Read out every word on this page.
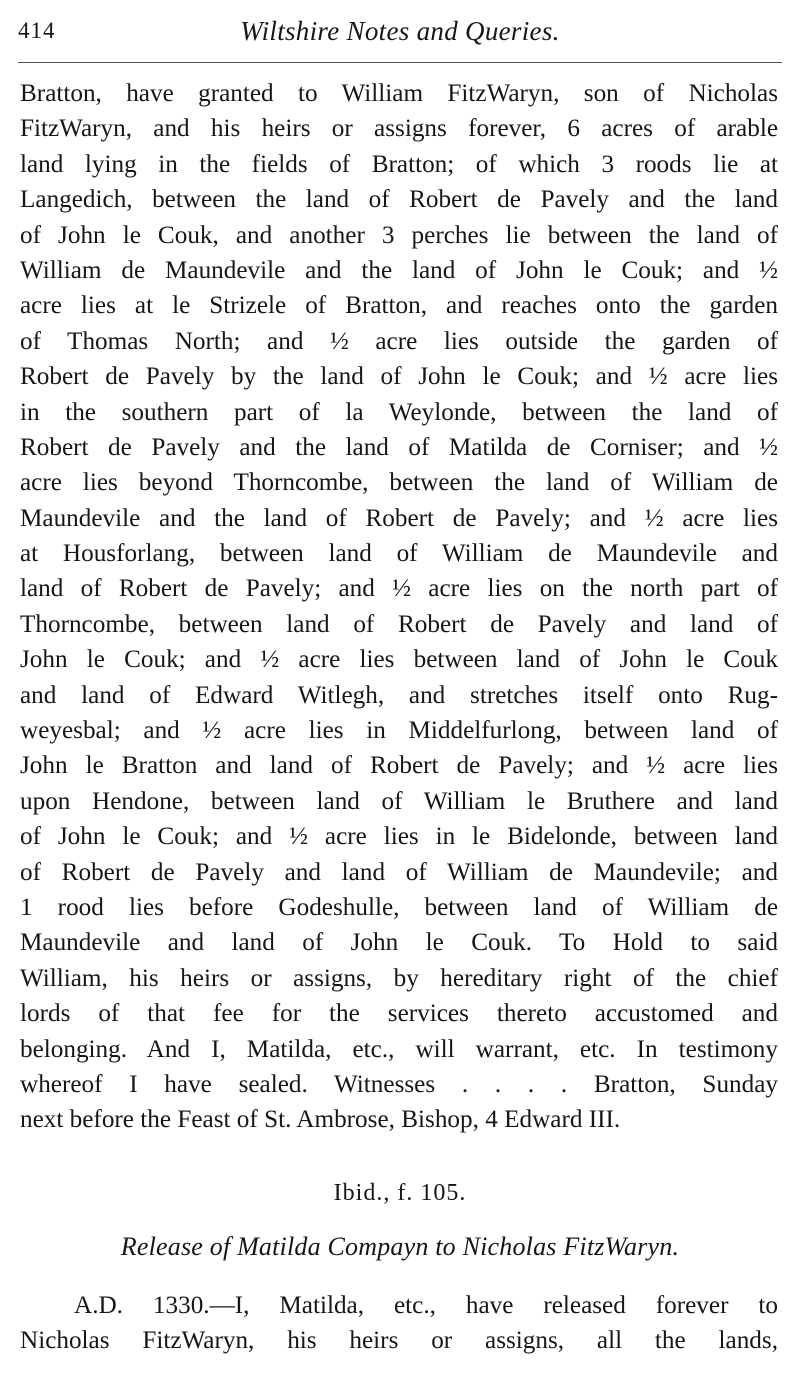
414	Wiltshire Notes and Queries.
Bratton, have granted to William FitzWaryn, son of Nicholas
FitzWaryn, and his heirs or assigns forever, 6 acres of arable
land lying in the fields of Bratton; of which 3 roods lie at
Langedich, between the land of Robert de Pavely and the land
of John le Couk, and another 3 perches lie between the land of
William de Maundevile and the land of John le Couk; and ½
acre lies at le Strizele of Bratton, and reaches onto the garden
of Thomas North; and ½ acre lies outside the garden of
Robert de Pavely by the land of John le Couk; and ½ acre lies
in the southern part of la Weylonde, between the land of
Robert de Pavely and the land of Matilda de Corniser; and ½
acre lies beyond Thorncombe, between the land of William de
Maundevile and the land of Robert de Pavely; and ½ acre lies
at Housforlang, between land of William de Maundevile and
land of Robert de Pavely; and ½ acre lies on the north part of
Thorncombe, between land of Robert de Pavely and land of
John le Couk; and ½ acre lies between land of John le Couk
and land of Edward Witlegh, and stretches itself onto Rug-
weyesbal; and ½ acre lies in Middelfurlong, between land of
John le Bratton and land of Robert de Pavely; and ½ acre lies
upon Hendone, between land of William le Bruthere and land
of John le Couk; and ½ acre lies in le Bidelonde, between land
of Robert de Pavely and land of William de Maundevile; and
1 rood lies before Godeshulle, between land of William de
Maundevile and land of John le Couk. To Hold to said
William, his heirs or assigns, by hereditary right of the chief
lords of that fee for the services thereto accustomed and
belonging. And I, Matilda, etc., will warrant, etc. In testimony
whereof I have sealed. Witnesses . . . . Bratton, Sunday
next before the Feast of St. Ambrose, Bishop, 4 Edward III.
Ibid., f. 105.
Release of Matilda Compayn to Nicholas FitzWaryn.
A.D. 1330.—I, Matilda, etc., have released forever to
Nicholas FitzWaryn, his heirs or assigns, all the lands,
